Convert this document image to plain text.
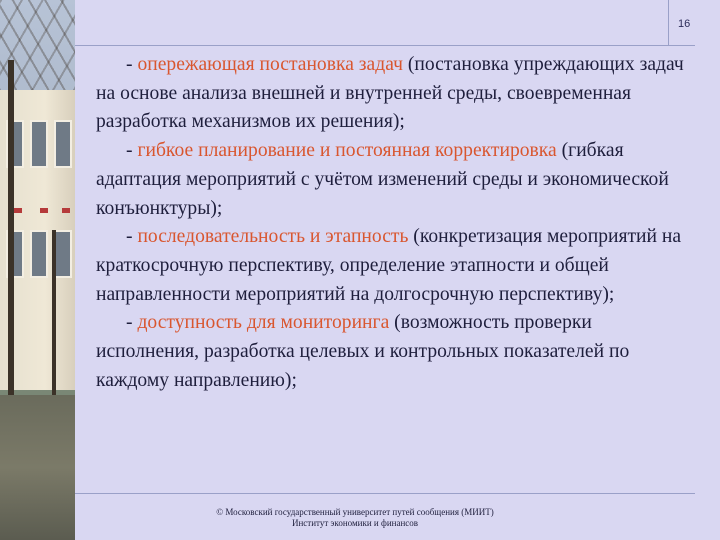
16

- опережающая постановка задач (постановка упреждающих задач на основе анализа внешней и внутренней среды, своевременная разработка механизмов их решения);

- гибкое планирование и постоянная корректировка (гибкая адаптация мероприятий с учётом изменений среды и экономической конъюнктуры);

- последовательность и этапность (конкретизация мероприятий на краткосрочную перспективу, определение этапности и общей направленности мероприятий на долгосрочную перспективу);

- доступность для мониторинга (возможность проверки исполнения, разработка целевых и контрольных показателей по каждому направлению);

© Московский государственный университет путей сообщения (МИИТ)
Институт экономики и финансов
